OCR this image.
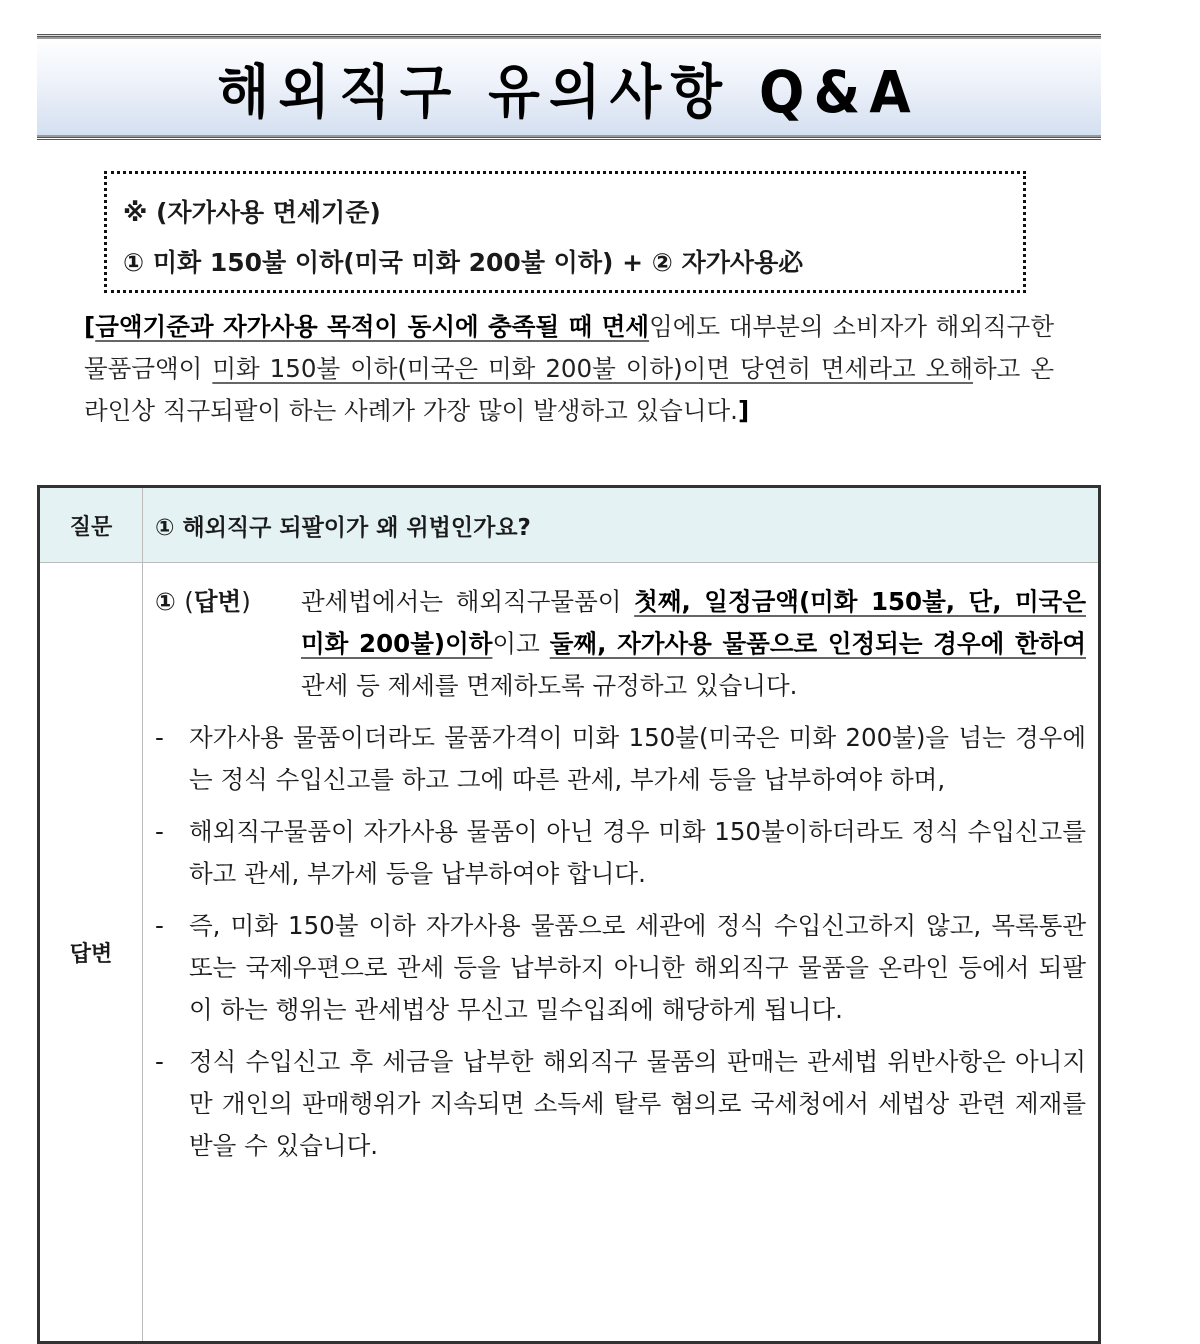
해외직구 유의사항 Q&A
※ (자가사용 면세기준)
① 미화 150불 이하(미국 미화 200불 이하) + ② 자가사용必
[금액기준과 자가사용 목적이 동시에 충족될 때 면세임에도 대부분의 소비자가 해외직구한 물품금액이 미화 150불 이하(미국은 미화 200불 이하)이면 당연히 면세라고 오해하고 온라인상 직구되팔이 하는 사례가 가장 많이 발생하고 있습니다.]
질문	① 해외직구 되팔이가 왜 위법인가요?
답변	
① (답변)	관세법에서는 해외직구물품이 첫째, 일정금액(미화 150불, 단, 미국은 미화 200불)이하이고 둘째, 자가사용 물품으로 인정되는 경우에 한하여 관세 등 제세를 면제하도록 규정하고 있습니다.
-	자가사용 물품이더라도 물품가격이 미화 150불(미국은 미화 200불)을 넘는 경우에는 정식 수입신고를 하고 그에 따른 관세, 부가세 등을 납부하여야 하며,
-	해외직구물품이 자가사용 물품이 아닌 경우 미화 150불이하더라도 정식 수입신고를 하고 관세, 부가세 등을 납부하여야 합니다.
-	즉, 미화 150불 이하 자가사용 물품으로 세관에 정식 수입신고하지 않고, 목록통관 또는 국제우편으로 관세 등을 납부하지 아니한 해외직구 물품을 온라인 등에서 되팔이 하는 행위는 관세법상 무신고 밀수입죄에 해당하게 됩니다.
-	정식 수입신고 후 세금을 납부한 해외직구 물품의 판매는 관세법 위반사항은 아니지만 개인의 판매행위가 지속되면 소득세 탈루 혐의로 국세청에서 세법상 관련 제재를 받을 수 있습니다.
